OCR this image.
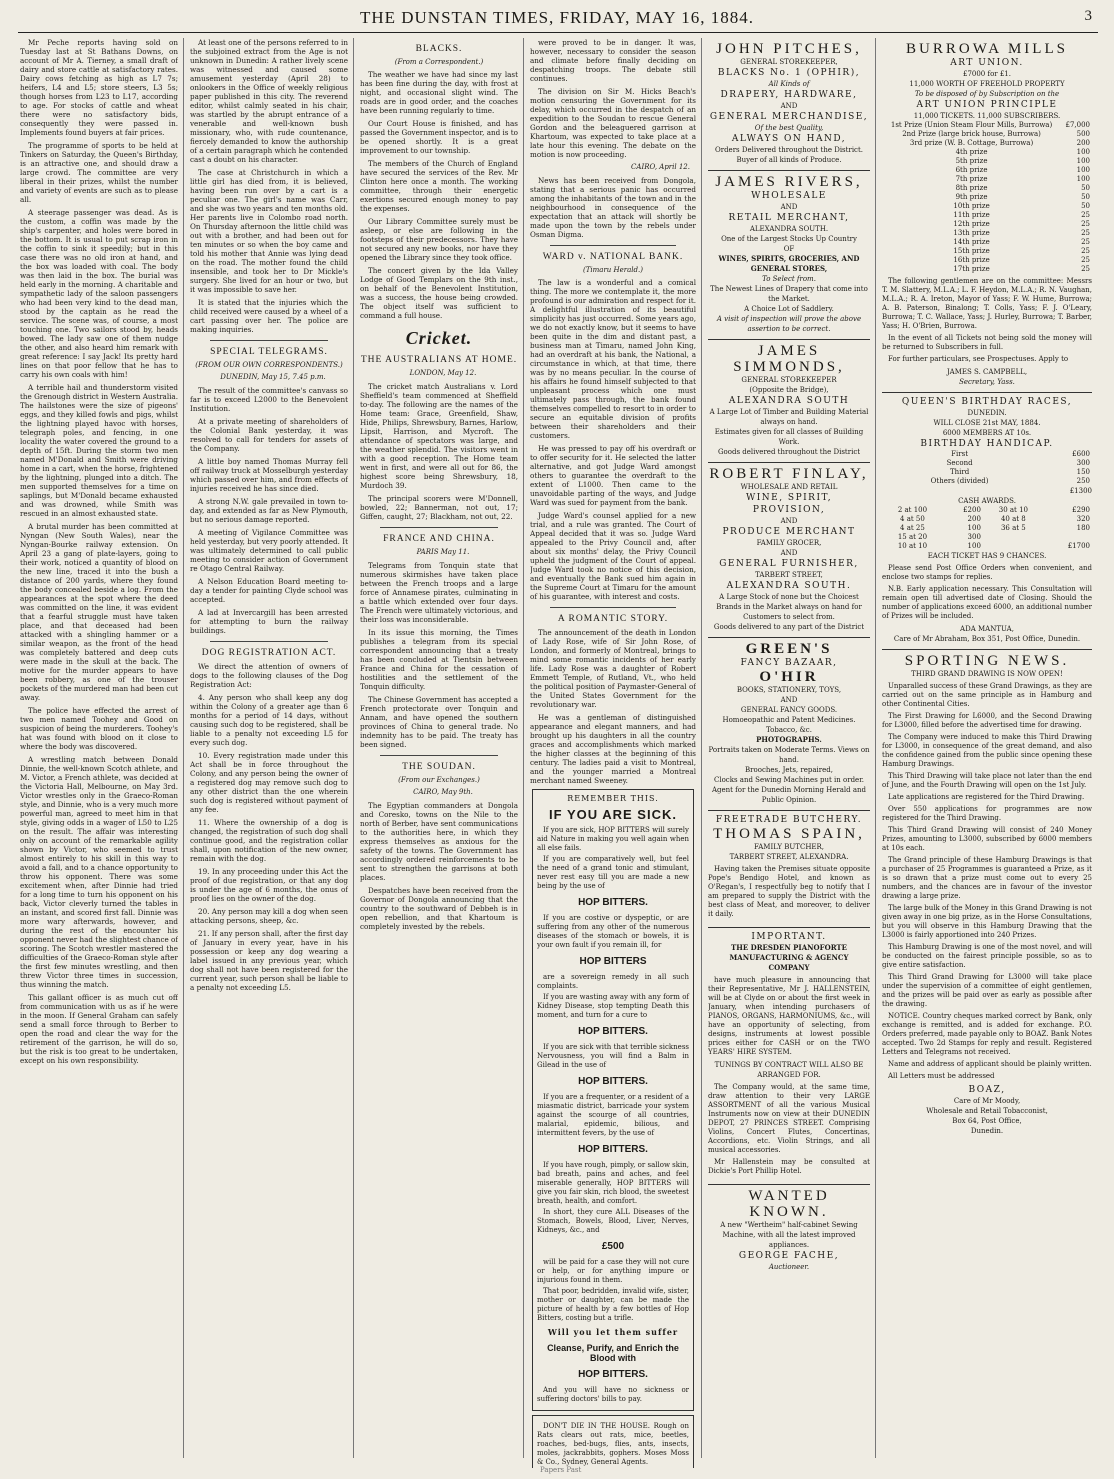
THE DUNSTAN TIMES, FRIDAY, MAY 16, 1884.	3

Mr Peche reports having sold on Tuesday last at St Bathans Downs, on account of Mr A. Tierney, a small draft of dairy and store cattle at satisfactory rates. Dairy cows fetching as high as L7 7s; heifers, L4 and L5; store steers, L3 5s; though horses from L23 to L17, according to age. For stocks of cattle and wheat there were no satisfactory bids, consequently they were passed in. Implements found buyers at fair prices.

The programme of sports to be held at Tinkers on Saturday, the Queen's Birthday, is an attractive one, and should draw a large crowd. The committee are very liberal in their prizes, whilst the number and variety of events are such as to please all.

A steerage passenger was dead. As is the custom, a coffin was made by the ship's carpenter, and holes were bored in the bottom. It is usual to put scrap iron in the coffin to sink it speedily; but in this case there was no old iron at hand, and the box was loaded with coal. The body was then laid in the box. The burial was held early in the morning. A charitable and sympathetic lady of the saloon passengers who had been very kind to the dead man, stood by the captain as he read the service. The scene was, of course, a most touching one. Two sailors stood by, heads bowed. The lady saw one of them nudge the other, and also heard him remark with great reference: I say Jack! Its pretty hard lines on that poor fellow that he has to carry his own coals with him!

A terrible hail and thunderstorm visited the Grenough district in Western Australia. The hailstones were the size of pigeons' eggs, and they killed fowls and pigs, whilst the lightning played havoc with horses, telegraph poles, and fencing, in one locality the water covered the ground to a depth of 15ft. During the storm two men named M'Donald and Smith were driving home in a cart, when the horse, frightened by the lightning, plunged into a ditch. The men supported themselves for a time on saplings, but M'Donald became exhausted and was drowned, while Smith was rescued in an almost exhausted state.

A brutal murder has been committed at Nyngan (New South Wales), near the Nyngan-Bourke railway extension. On April 23 a gang of plate-layers, going to their work, noticed a quantity of blood on the new line, traced it into the bush a distance of 200 yards, where they found the body concealed beside a log. From the appearances at the spot where the deed was committed on the line, it was evident that a fearful struggle must have taken place, and that deceased had been attacked with a shingling hammer or a similar weapon, as the front of the head was completely battered and deep cuts were made in the skull at the back. The motive for the murder appears to have been robbery, as one of the trouser pockets of the murdered man had been cut away.

The police have effected the arrest of two men named Toohey and Good on suspicion of being the murderers. Toohey's hat was found with blood on it close to where the body was discovered.

A wrestling match between Donald Dinnie, the well-known Scotch athlete, and M. Victor, a French athlete, was decided at the Victoria Hall, Melbourne, on May 3rd. Victor wrestles only in the Graeco-Roman style, and Dinnie, who is a very much more powerful man, agreed to meet him in that style, giving odds in a wager of L50 to L25 on the result. The affair was interesting only on account of the remarkable agility shown by Victor, who seemed to trust almost entirely to his skill in this way to avoid a fall, and to a chance opportunity to throw his opponent. There was some excitement when, after Dinnie had tried for a long time to turn his opponent on his back, Victor cleverly turned the tables in an instant, and scored first fall. Dinnie was more wary afterwards, however, and during the rest of the encounter his opponent never had the slightest chance of scoring. The Scotch wrestler mastered the difficulties of the Graeco-Roman style after the first few minutes wrestling, and then threw Victor three times in succession, thus winning the match.

This gallant officer is as much cut off from communication with us as if he were in the moon. If General Graham can safely send a small force through to Berber to open the road and clear the way for the retirement of the garrison, he will do so, but the risk is too great to be undertaken, except on his own responsibility.

At least one of the persons referred to in the subjoined extract from the Age is not unknown in Dunedin: A rather lively scene was witnessed and caused some amusement yesterday (April 28) to onlookers in the Office of weekly religious paper published in this city. The reverend editor, whilst calmly seated in his chair, was startled by the abrupt entrance of a venerable and well-known bush missionary, who, with rude countenance, fiercely demanded to know the authorship of a certain paragraph which he contended cast a doubt on his character.

The case at Christchurch in which a little girl has died from, it is believed, having been run over by a cart is a peculiar one. The girl's name was Carr, and she was two years and ten months old. Her parents live in Colombo road north. On Thursday afternoon the little child was out with a brother, and had been out for ten minutes or so when the boy came and told his mother that Annie was lying dead on the road. The mother found the child insensible, and took her to Dr Mickle's surgery. She lived for an hour or two, but it was impossible to save her.

It is stated that the injuries which the child received were caused by a wheel of a cart passing over her. The police are making inquiries.

SPECIAL TELEGRAMS.
(FROM OUR OWN CORRESPONDENTS.)

DUNEDIN, May 15, 7.45 p.m.

The result of the committee's canvass so far is to exceed L2000 to the Benevolent Institution.

At a private meeting of shareholders of the Colonial Bank yesterday, it was resolved to call for tenders for assets of the Company.

A little boy named Thomas Murray fell off railway truck at Mosselburgh yesterday which passed over him, and from effects of injuries received he has since died.

A strong N.W. gale prevailed in town to-day, and extended as far as New Plymouth, but no serious damage reported.

A meeting of Vigilance Committee was held yesterday, but very poorly attended. It was ultimately determined to call public meeting to consider action of Government re Otago Central Railway.

A Nelson Education Board meeting to-day a tender for painting Clyde school was accepted.

A lad at Invercargill has been arrested for attempting to burn the railway buildings.

DOG REGISTRATION ACT.

We direct the attention of owners of dogs to the following clauses of the Dog Registration Act:

4. Any person who shall keep any dog within the Colony of a greater age than 6 months for a period of 14 days, without causing such dog to be registered, shall be liable to a penalty not exceeding L5 for every such dog.

10. Every registration made under this Act shall be in force throughout the Colony, and any person being the owner of a registered dog may remove such dog to any other district than the one wherein such dog is registered without payment of any fee.

11. Where the ownership of a dog is changed, the registration of such dog shall continue good, and the registration collar shall, upon notification of the new owner, remain with the dog.

19. In any proceeding under this Act the proof of due registration, or that any dog is under the age of 6 months, the onus of proof lies on the owner of the dog.

20. Any person may kill a dog when seen attacking persons, sheep, &c.

21. If any person shall, after the first day of January in every year, have in his possession or keep any dog wearing a label issued in any previous year, which dog shall not have been registered for the current year, such person shall be liable to a penalty not exceeding L5.

BLACKS.
(From a Correspondent.)

The weather we have had since my last has been fine during the day, with frost at night, and occasional slight wind. The roads are in good order, and the coaches have been running regularly to time.

Our Court House is finished, and has passed the Government inspector, and is to be opened shortly. It is a great improvement to our township.

The members of the Church of England have secured the services of the Rev. Mr Clinton here once a month. The working committee, through their energetic exertions secured enough money to pay the expenses.

Our Library Committee surely must be asleep, or else are following in the footsteps of their predecessors. They have not secured any new books, nor have they opened the Library since they took office.

The concert given by the Ida Valley Lodge of Good Templars on the 9th inst., on behalf of the Benevolent Institution, was a success, the house being crowded. The object itself was sufficient to command a full house.

Cricket.
THE AUSTRALIANS AT HOME.

LONDON, May 12.

The cricket match Australians v. Lord Sheffield's team commenced at Sheffield to-day. The following are the names of the Home team: Grace, Greenfield, Shaw, Hide, Philips, Shrewsbury, Barnes, Harlow, Lipsit, Harrison, and Mycroft. The attendance of spectators was large, and the weather splendid. The visitors went in with a good reception. The Home team went in first, and were all out for 86, the highest score being Shrewsbury, 18, Murdoch 39.

The principal scorers were M'Donnell, bowled, 22; Bannerman, not out, 17; Giffen, caught, 27; Blackham, not out, 22.

FRANCE AND CHINA.

PARIS May 11.

Telegrams from Tonquin state that numerous skirmishes have taken place between the French troops and a large force of Annamese pirates, culminating in a battle which extended over four days. The French were ultimately victorious, and their loss was inconsiderable.

In its issue this morning, the Times publishes a telegram from its special correspondent announcing that a treaty has been concluded at Tientsin between France and China for the cessation of hostilities and the settlement of the Tonquin difficulty.

The Chinese Government has accepted a French protectorate over Tonquin and Annam, and have opened the southern provinces of China to general trade. No indemnity has to be paid. The treaty has been signed.

THE SOUDAN.
(From our Exchanges.)

CAIRO, May 9th.

The Egyptian commanders at Dongola and Coresko, towns on the Nile to the north of Berber, have sent communications to the authorities here, in which they express themselves as anxious for the safety of the towns. The Government has accordingly ordered reinforcements to be sent to strengthen the garrisons at both places.

Despatches have been received from the Governor of Dongola announcing that the country to the southward of Debbeh is in open rebellion, and that Khartoum is completely invested by the rebels.

were proved to be in danger. It was, however, necessary to consider the season and climate before finally deciding on despatching troops. The debate still continues.

The division on Sir M. Hicks Beach's motion censuring the Government for its delay, which occurred in the despatch of an expedition to the Soudan to rescue General Gordon and the beleaguered garrison at Khartoum, was expected to take place at a late hour this evening. The debate on the motion is now proceeding.

CAIRO, April 12.

News has been received from Dongola, stating that a serious panic has occurred among the inhabitants of the town and in the neighbourhood in consequence of the expectation that an attack will shortly be made upon the town by the rebels under Osman Digma.

WARD v. NATIONAL BANK.
(Timaru Herald.)

The law is a wonderful and a comical thing. The more we contemplate it, the more profound is our admiration and respect for it. A delightful illustration of its beautiful simplicity has just occurred. Some years ago, we do not exactly know, but it seems to have been quite in the dim and distant past, a business man at Timaru, named John King, had an overdraft at his bank, the National, a circumstance in which, at that time, there was by no means peculiar. In the course of his affairs he found himself subjected to that unpleasant process which one must ultimately pass through, the bank found themselves compelled to resort to in order to secure an equitable division of profits between their shareholders and their customers.

He was pressed to pay off his overdraft or to offer security for it. He selected the latter alternative, and got Judge Ward amongst others to guarantee the overdraft to the extent of L1000. Then came to the unavoidable parting of the ways, and Judge Ward was sued for payment from the bank.

Judge Ward's counsel applied for a new trial, and a rule was granted. The Court of Appeal decided that it was so. Judge Ward appealed to the Privy Council and, after about six months' delay, the Privy Council upheld the judgment of the Court of appeal. Judge Ward took no notice of this decision, and eventually the Bank sued him again in the Supreme Court at Timaru for the amount of his guarantee, with interest and costs.

A ROMANTIC STORY.

The announcement of the death in London of Lady Rose, wife of Sir John Rose, of London, and formerly of Montreal, brings to mind some romantic incidents of her early life. Lady Rose was a daughter of Robert Emmett Temple, of Rutland, Vt., who held the political position of Paymaster-General of the United States Government for the revolutionary war.

He was a gentleman of distinguished appearance and elegant manners, and had brought up his daughters in all the country graces and accomplishments which marked the higher classes at the beginning of this century. The ladies paid a visit to Montreal, and the younger married a Montreal merchant named Sweeney.

REMEMBER THIS.
IF YOU ARE SICK.
If you are sick, HOP BITTERS will surely aid Nature in making you well again when all else fails.
If you are comparatively well, but feel the need of a grand tonic and stimulant, never rest easy till you are made a new being by the use of
HOP BITTERS.
If you are costive or dyspeptic, or are suffering from any other of the numerous diseases of the stomach or bowels, it is your own fault if you remain ill, for
HOP BITTERS
are a sovereign remedy in all such complaints.
If you are wasting away with any form of Kidney Disease, stop tempting Death this moment, and turn for a cure to
HOP BITTERS.
If you are sick with that terrible sickness Nervousness, you will find a Balm in Gilead in the use of
HOP BITTERS.
If you are a frequenter, or a resident of a miasmatic district, barricade your system against the scourge of all countries, malarial, epidemic, bilious, and intermittent fevers, by the use of
HOP BITTERS.
If you have rough, pimply, or sallow skin, bad breath, pains and aches, and feel miserable generally, HOP BITTERS will give you fair skin, rich blood, the sweetest breath, health, and comfort.
In short, they cure ALL Diseases of the Stomach, Bowels, Blood, Liver, Nerves, Kidneys, &c., and
£500
will be paid for a case they will not cure or help, or for anything impure or injurious found in them.
That poor, bedridden, invalid wife, sister, mother or daughter, can be made the picture of health by a few bottles of Hop Bitters, costing but a trifle.
Will you let them suffer
Cleanse, Purify, and Enrich the Blood with
HOP BITTERS.
And you will have no sickness or suffering doctors' bills to pay.
DON'T DIE IN THE HOUSE. Rough on Rats clears out rats, mice, beetles, roaches, bed-bugs, flies, ants, insects, moles, jackrabbits, gophers. Moses Moss & Co., Sydney, General Agents.
JOHN PITCHES,
GENERAL STOREKEEPER,
BLACKS No. 1 (OPHIR),
All Kinds of
DRAPERY, HARDWARE,
AND
GENERAL MERCHANDISE,
Of the best Quality,
ALWAYS ON HAND,
Orders Delivered throughout the District.
Buyer of all kinds of Produce.
JAMES RIVERS,
WHOLESALE
AND
RETAIL MERCHANT,
ALEXANDRA SOUTH.
One of the Largest Stocks Up Country
OF
WINES, SPIRITS, GROCERIES, AND
GENERAL STORES,
To Select from.
The Newest Lines of Drapery that come into the Market.
A Choice Lot of Saddlery.
A visit of inspection will prove the above assertion to be correct.
JAMES SIMMONDS,
GENERAL STOREKEEPER
(Opposite the Bridge),
ALEXANDRA SOUTH
A Large Lot of Timber and Building Material always on hand.
Estimates given for all classes of Building Work.
Goods delivered throughout the District
ROBERT FINLAY,
WHOLESALE AND RETAIL
WINE, SPIRIT, PROVISION,
AND
PRODUCE MERCHANT
FAMILY GROCER,
AND
GENERAL FURNISHER,
TARBERT STREET,
ALEXANDRA SOUTH.
A Large Stock of none but the Choicest Brands in the Market always on hand for Customers to select from.
Goods delivered to any part of the District
GREEN'S
FANCY BAZAAR,
O'HIR
BOOKS, STATIONERY, TOYS,
AND
GENERAL FANCY GOODS.
Homoeopathic and Patent Medicines. Tobacco, &c.
PHOTOGRAPHS.
Portraits taken on Moderate Terms. Views on hand.
Brooches, Jets, repaired,
Clocks and Sewing Machines put in order.
Agent for the Dunedin Morning Herald and Public Opinion.
FREETRADE BUTCHERY.
THOMAS SPAIN,
FAMILY BUTCHER,
TARBERT STREET, ALEXANDRA.
Having taken the Premises situate opposite Pope's Bendigo Hotel, and known as O'Regan's, I respectfully beg to notify that I am prepared to supply the District with the best class of Meat, and moreover, to deliver it daily.
IMPORTANT.
THE DRESDEN PIANOFORTE MANUFACTURING & AGENCY COMPANY
have much pleasure in announcing that their Representative, Mr J. HALLENSTEIN, will be at Clyde on or about the first week in January, when intending purchasers of PIANOS, ORGANS, HARMONIUMS, &c., will have an opportunity of selecting, from designs, instruments at lowest possible prices either for CASH or on the TWO YEARS' HIRE SYSTEM.
TUNINGS BY CONTRACT WILL ALSO BE ARRANGED FOR.
The Company would, at the same time, draw attention to their very LARGE ASSORTMENT of all the various Musical Instruments now on view at their DUNEDIN DEPOT, 27 PRINCES STREET. Comprising Violins, Concert Flutes, Concertinas, Accordions, etc. Violin Strings, and all musical accessories.
Mr Hallenstein may be consulted at Dickie's Port Phillip Hotel.
WANTED KNOWN.
A new "Wertheim" half-cabinet Sewing Machine, with all the latest improved appliances.
GEORGE FACHE,
Auctioneer.
BURROWA MILLS
ART UNION.
£7000 for £1.
11,000 WORTH OF FREEHOLD PROPERTY
To be disposed of by Subscription on the
ART UNION PRINCIPLE
11,000 TICKETS. 11,000 SUBSCRIBERS.
1st Prize (Union Steam Flour Mills, Burrowa)	£7,000
2nd Prize (large brick house, Burrowa)	500
3rd prize (W. B. Cottage, Burrowa)	200
4th prize	100
5th prize	100
6th prize	100
7th prize	100
8th prize	50
9th prize	50
10th prize	50
11th prize	25
12th prize	25
13th prize	25
14th prize	25
15th prize	25
16th prize	25
17th prize	25
The following gentlemen are on the committee: Messrs T. M. Slattery, M.L.A.; L. F. Heydon, M.L.A.; R. N. Vaughan, M.L.A.; R. A. Ireton, Mayor of Yass; F. W. Hume, Burrowa; A. B. Paterson, Binalong; T. Colls, Yass; F. J. O'Leary, Burrowa; T. C. Wallace, Yass; J. Hurley, Burrowa; T. Barber, Yass; H. O'Brien, Burrowa.
In the event of all Tickets not being sold the money will be returned to Subscribers in full.
For further particulars, see Prospectuses. Apply to
JAMES S. CAMPBELL,
Secretary, Yass.
QUEEN'S BIRTHDAY RACES,
DUNEDIN.
WILL CLOSE 21st MAY, 1884.
6000 MEMBERS AT 10s.
BIRTHDAY HANDICAP.
First	£600
Second	300
Third	150
Others (divided)	250
£1300
CASH AWARDS.
2 at 100	£200	30 at 10	£290
4 at 50	200	40 at 8	320
4 at 25	100	36 at 5	180
15 at 20	300		
10 at 10	100		£1700
EACH TICKET HAS 9 CHANCES.
Please send Post Office Orders when convenient, and enclose two stamps for replies.
N.B. Early application necessary. This Consultation will remain open till advertised date of Closing. Should the number of applications exceed 6000, an additional number of Prizes will be included.
ADA MANTUA,
Care of Mr Abraham, Box 351, Post Office, Dunedin.
SPORTING NEWS.
THIRD GRAND DRAWING IS NOW OPEN!
Unparalled success of these Grand Drawings, as they are carried out on the same principle as in Hamburg and other Continental Cities.
The First Drawing for L6000, and the Second Drawing for L3000, filled before the advertised time for drawing.
The Company were induced to make this Third Drawing for L3000, in consequence of the great demand, and also the confidence gained from the public since opening these Hamburg Drawings.
This Third Drawing will take place not later than the end of June, and the Fourth Drawing will open on the 1st July.
Late applications are registered for the Third Drawing.
Over 550 applications for programmes are now registered for the Third Drawing.
This Third Grand Drawing will consist of 240 Money Prizes, amounting to L3000, subscribed by 6000 members at 10s each.
The Grand principle of these Hamburg Drawings is that a purchaser of 25 Programmes is guaranteed a Prize, as it is so drawn that a prize must come out to every 25 numbers, and the chances are in favour of the investor drawing a large prize.
The large bulk of the Money in this Grand Drawing is not given away in one big prize, as in the Horse Consultations, but you will observe in this Hamburg Drawing that the L3000 is fairly apportioned into 240 Prizes.
This Hamburg Drawing is one of the most novel, and will be conducted on the fairest principle possible, so as to give entire satisfaction.
This Third Grand Drawing for L3000 will take place under the supervision of a committee of eight gentlemen, and the prizes will be paid over as early as possible after the drawing.
NOTICE. Country cheques marked correct by Bank, only exchange is remitted, and is added for exchange. P.O. Orders preferred, made payable only to BOAZ. Bank Notes accepted. Two 2d Stamps for reply and result. Registered Letters and Telegrams not received.
Name and address of applicant should be plainly written.
All Letters must be addressed
BOAZ,
Care of Mr Moody,
Wholesale and Retail Tobacconist,
Box 64, Post Office,
Dunedin.
Papers Past
